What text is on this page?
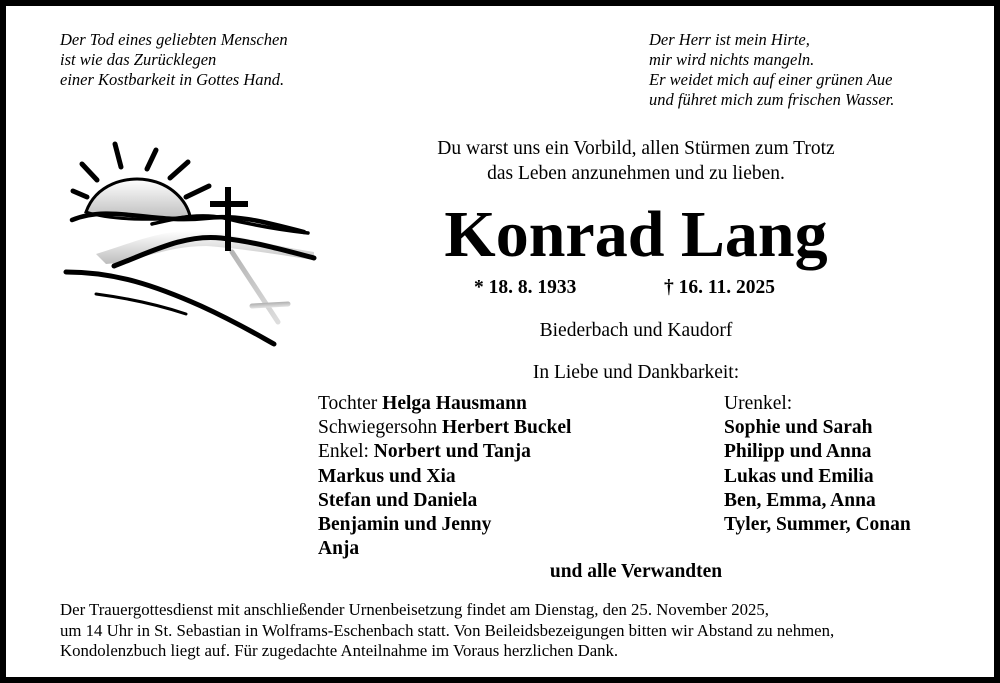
Der Tod eines geliebten Menschen
ist wie das Zurücklegen
einer Kostbarkeit in Gottes Hand.
Der Herr ist mein Hirte,
mir wird nichts mangeln.
Er weidet mich auf einer grünen Aue
und führet mich zum frischen Wasser.
Du warst uns ein Vorbild, allen Stürmen zum Trotz
das Leben anzunehmen und zu lieben.
Konrad Lang
* 18. 8. 1933	† 16. 11. 2025
Biederbach und Kaudorf
In Liebe und Dankbarkeit:
Tochter Helga Hausmann
Schwiegersohn Herbert Buckel
Enkel: Norbert und Tanja
Markus und Xia
Stefan und Daniela
Benjamin und Jenny
Anja
Urenkel:
Sophie und Sarah
Philipp und Anna
Lukas und Emilia
Ben, Emma, Anna
Tyler, Summer, Conan
und alle Verwandten
Der Trauergottesdienst mit anschließender Urnenbeisetzung findet am Dienstag, den 25. November 2025,
um 14 Uhr in St. Sebastian in Wolframs-Eschenbach statt. Von Beileidsbezeigungen bitten wir Abstand zu nehmen,
Kondolenzbuch liegt auf. Für zugedachte Anteilnahme im Voraus herzlichen Dank.
